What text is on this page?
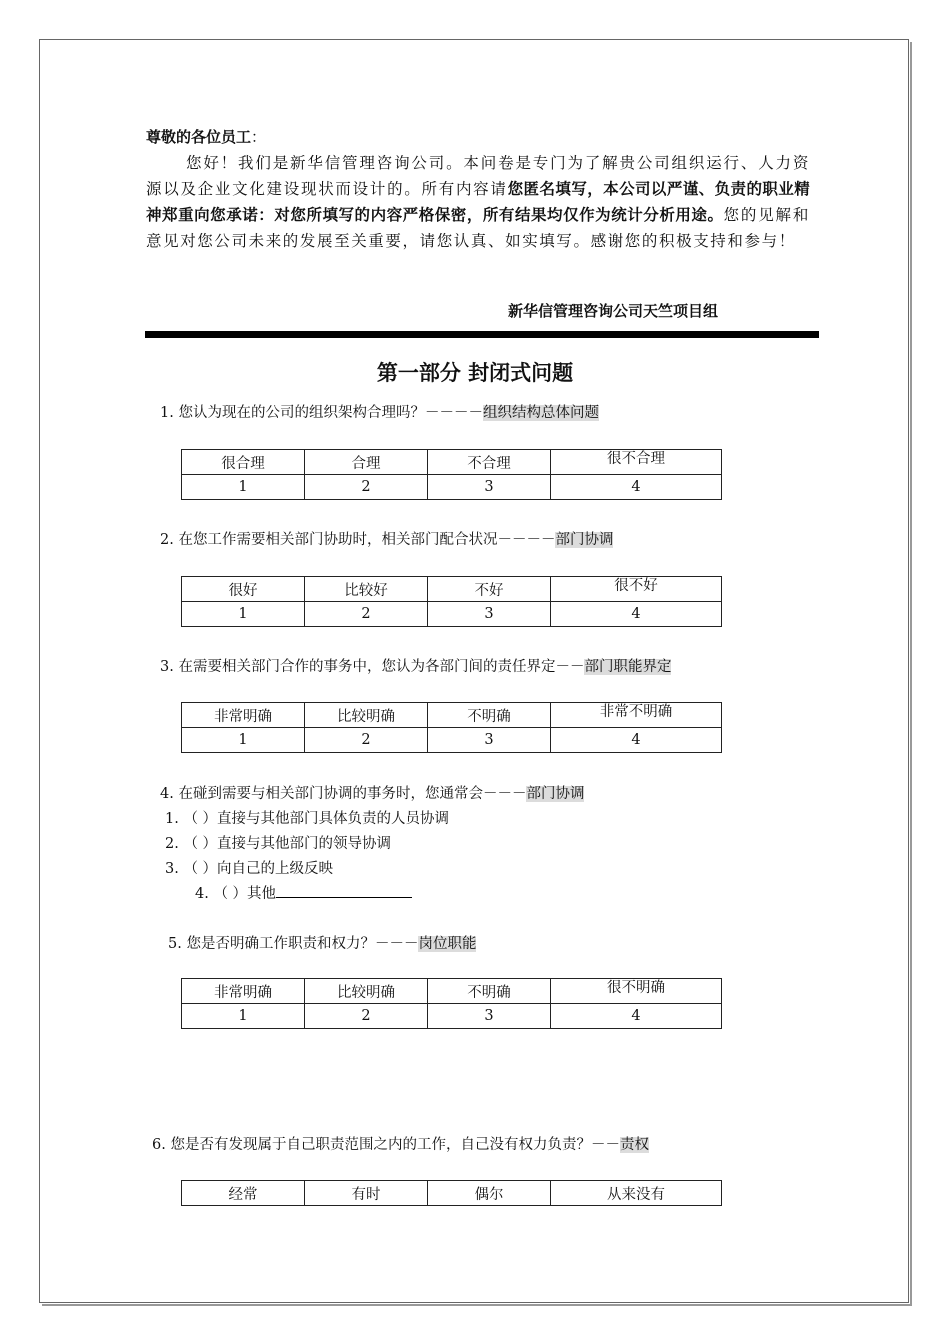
尊敬的各位员工：
您好！我们是新华信管理咨询公司。本问卷是专门为了解贵公司组织运行、人力资源以及企业文化建设现状而设计的。所有内容请您匿名填写，本公司以严谨、负责的职业精神郑重向您承诺：对您所填写的内容严格保密，所有结果均仅作为统计分析用途。您的见解和意见对您公司未来的发展至关重要，请您认真、如实填写。感谢您的积极支持和参与！
新华信管理咨询公司天竺项目组
第一部分 封闭式问题
1. 您认为现在的公司的组织架构合理吗？－－－－组织结构总体问题
很合理	合理	不合理	很不合理
1	2	3	4
2. 在您工作需要相关部门协助时，相关部门配合状况－－－－部门协调
很好	比较好	不好	很不好
1	2	3	4
3. 在需要相关部门合作的事务中，您认为各部门间的责任界定－－部门职能界定
非常明确	比较明确	不明确	非常不明确
1	2	3	4
4. 在碰到需要与相关部门协调的事务时，您通常会－－－部门协调
1. （ ）直接与其他部门具体负责的人员协调
2. （ ）直接与其他部门的领导协调
3. （ ）向自己的上级反映
4. （ ）其他
5. 您是否明确工作职责和权力？－－－岗位职能
非常明确	比较明确	不明确	很不明确
1	2	3	4
6. 您是否有发现属于自己职责范围之内的工作，自己没有权力负责？－－责权
经常	有时	偶尔	从来没有
